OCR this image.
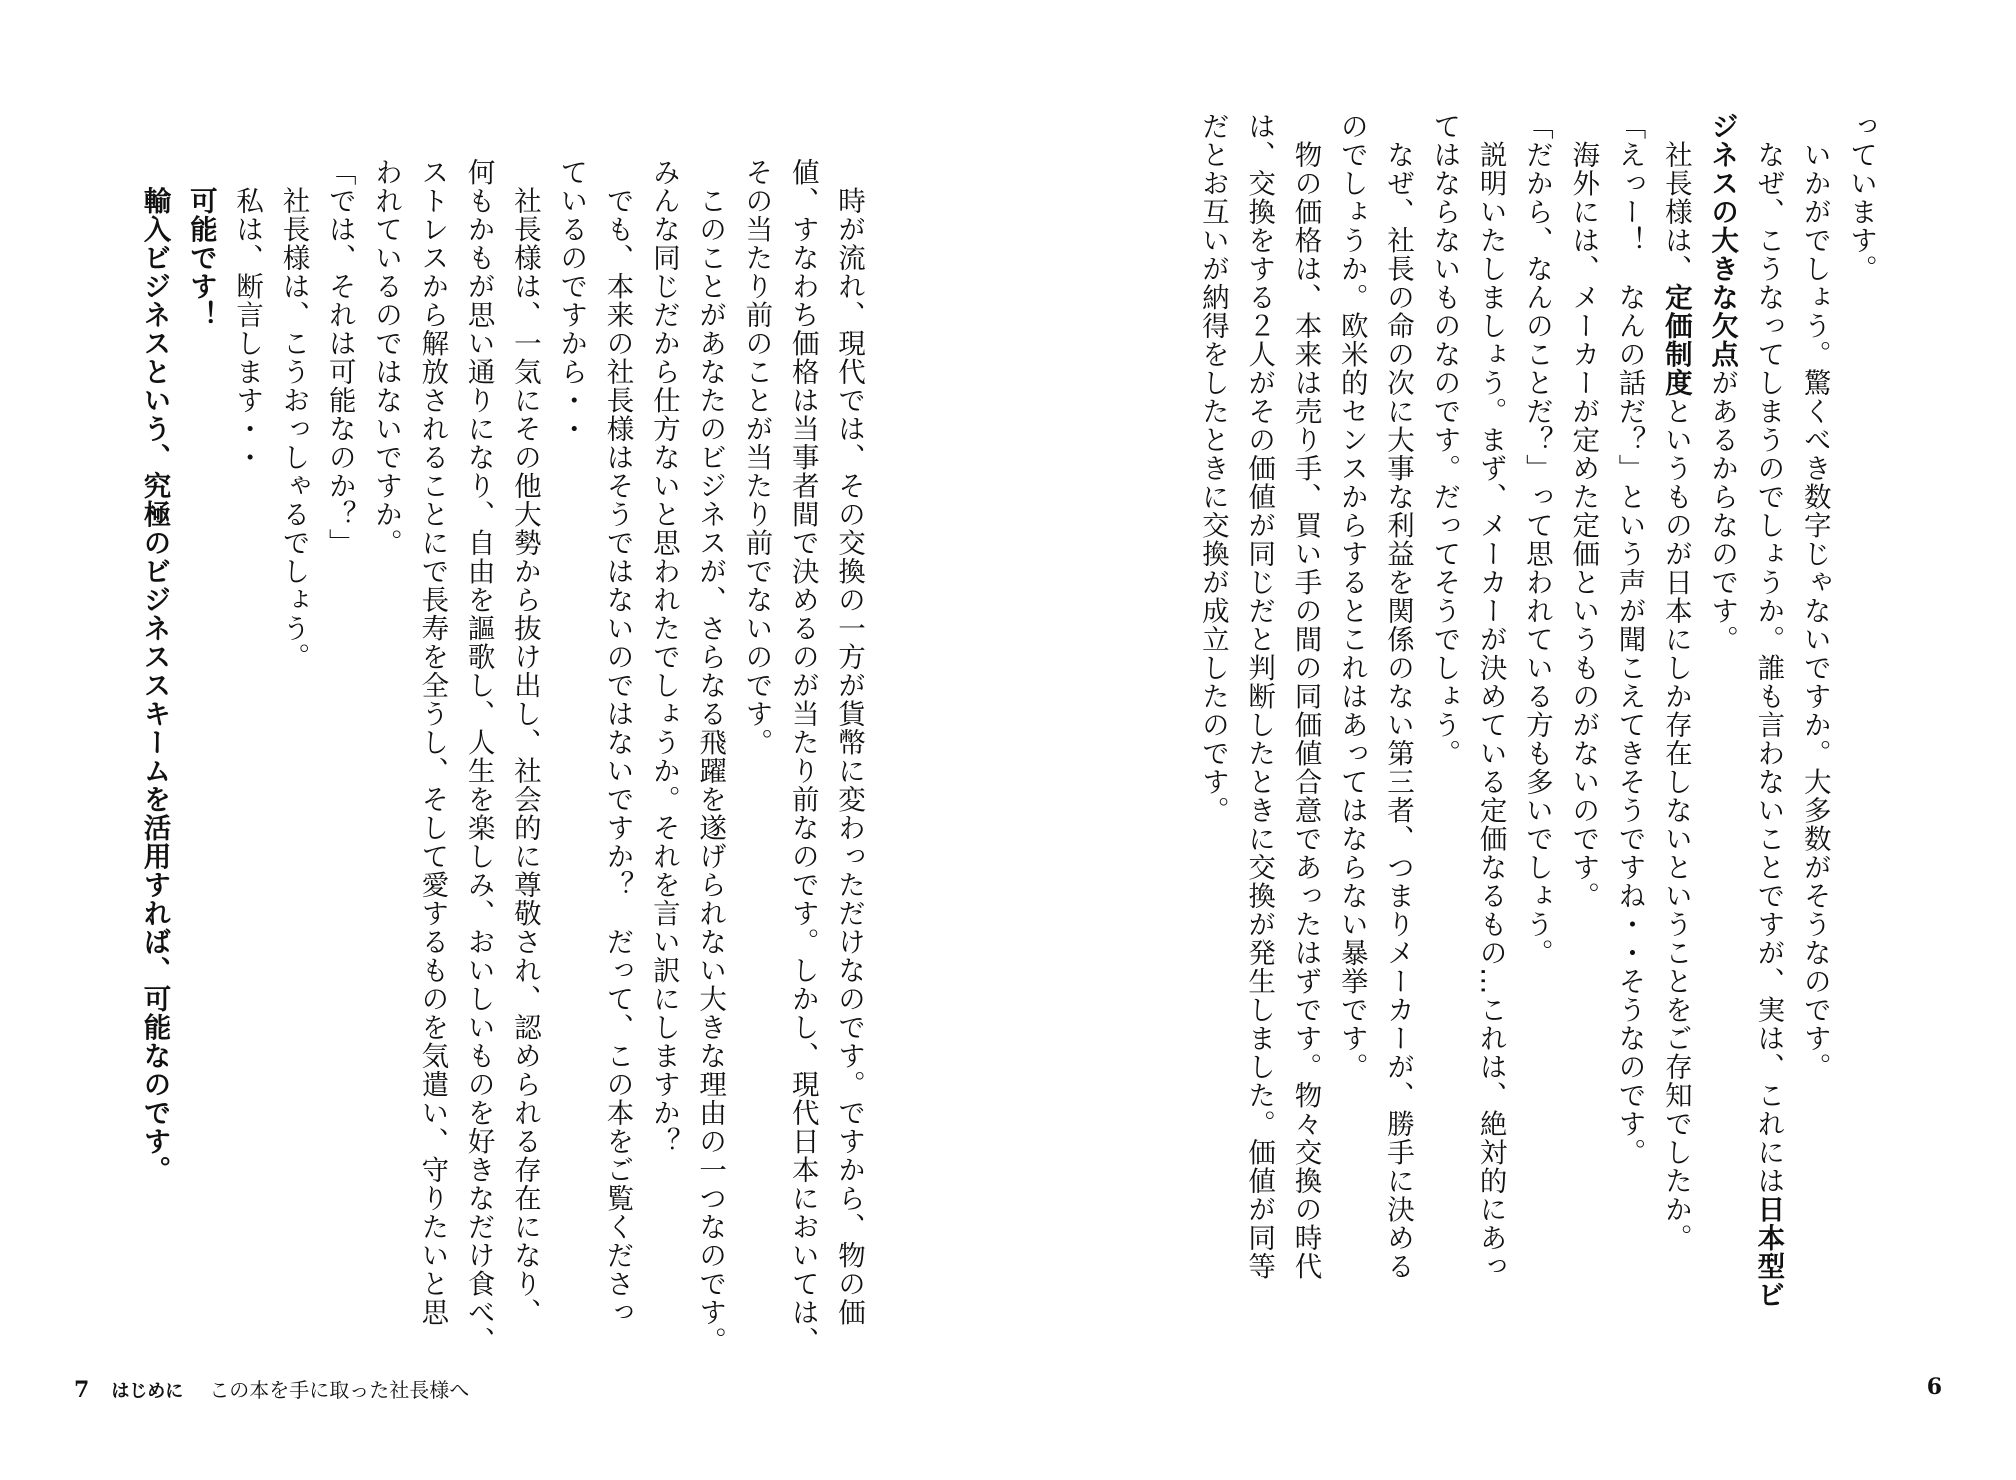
　時が流れ、現代では、その交換の一方が貨幣に変わっただけなのです。ですから、物の価
値、すなわち価格は当事者間で決めるのが当たり前なのです。しかし、現代日本においては、
その当たり前のことが当たり前でないのです。
　このことがあなたのビジネスが、さらなる飛躍を遂げられない大きな理由の一つなのです。
みんな同じだから仕方ないと思われたでしょうか。それを言い訳にしますか？
　でも、本来の社長様はそうではないのではないですか？　だって、この本をご覧くださっ
ているのですから・・
　社長様は、一気にその他大勢から抜け出し、社会的に尊敬され、認められる存在になり、
何もかもが思い通りになり、自由を謳歌し、人生を楽しみ、おいしいものを好きなだけ食べ、
ストレスから解放されることにで長寿を全うし、そして愛するものを気遣い、守りたいと思
われているのではないですか。
「では、それは可能なのか？」
　社長様は、こうおっしゃるでしょう。
　私は、断言します・・
　可能です！
　輸入ビジネスという、究極のビジネススキームを活用すれば、可能なのです。
7 はじめに この本を手に取った社長様へ
っています。
　いかがでしょう。驚くべき数字じゃないですか。大多数がそうなのです。
　なぜ、こうなってしまうのでしょうか。誰も言わないことですが、実は、これには日本型ビ
ジネスの大きな欠点があるからなのです。
　社長様は、定価制度というものが日本にしか存在しないということをご存知でしたか。
「えっー！　なんの話だ？」という声が聞こえてきそうですね・・そうなのです。
　海外には、メーカーが定めた定価というものがないのです。
「だから、なんのことだ？」って思われている方も多いでしょう。
　説明いたしましょう。まず、メーカーが決めている定価なるもの…これは、絶対的にあっ
てはならないものなのです。だってそうでしょう。
　なぜ、社長の命の次に大事な利益を関係のない第三者、つまりメーカーが、勝手に決める
のでしょうか。欧米的センスからするとこれはあってはならない暴挙です。
　物の価格は、本来は売り手、買い手の間の同価値合意であったはずです。物々交換の時代
は、交換をする２人がその価値が同じだと判断したときに交換が発生しました。価値が同等
だとお互いが納得をしたときに交換が成立したのです。
6
